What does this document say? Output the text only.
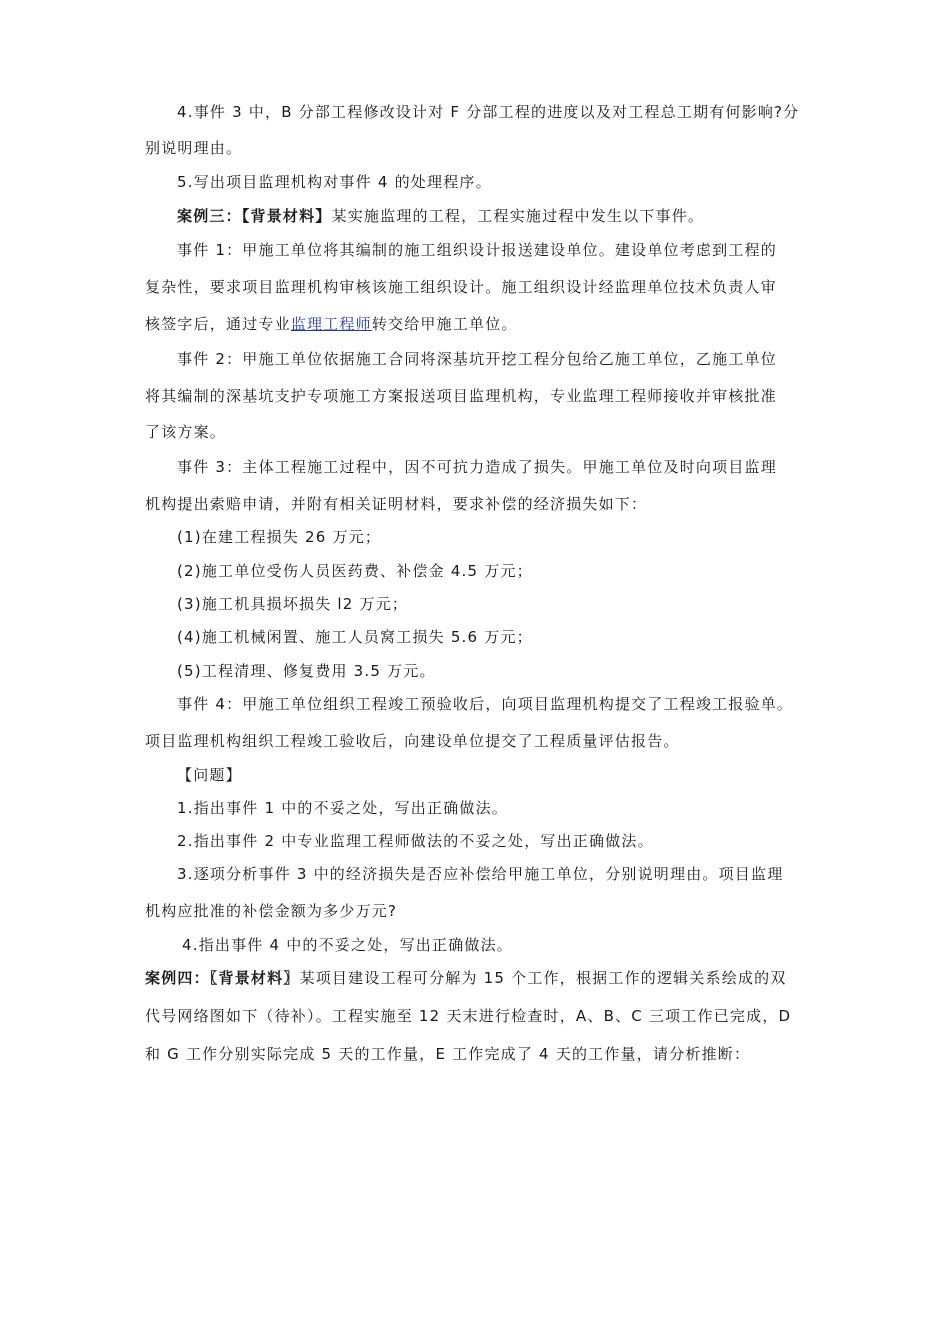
4.事件 3 中，B 分部工程修改设计对 F 分部工程的进度以及对工程总工期有何影响?分
别说明理由。
5.写出项目监理机构对事件 4 的处理程序。
案例三：【背景材料】某实施监理的工程，工程实施过程中发生以下事件。
事件 1：甲施工单位将其编制的施工组织设计报送建设单位。建设单位考虑到工程的
复杂性，要求项目监理机构审核该施工组织设计。施工组织设计经监理单位技术负责人审
核签字后，通过专业监理工程师转交给甲施工单位。
事件 2：甲施工单位依据施工合同将深基坑开挖工程分包给乙施工单位，乙施工单位
将其编制的深基坑支护专项施工方案报送项目监理机构，专业监理工程师接收并审核批准
了该方案。
事件 3：主体工程施工过程中，因不可抗力造成了损失。甲施工单位及时向项目监理
机构提出索赔申请，并附有相关证明材料，要求补偿的经济损失如下：
(1)在建工程损失 26 万元；
(2)施工单位受伤人员医药费、补偿金 4.5 万元；
(3)施工机具损坏损失 l2 万元；
(4)施工机械闲置、施工人员窝工损失 5.6 万元；
(5)工程清理、修复费用 3.5 万元。
事件 4：甲施工单位组织工程竣工预验收后，向项目监理机构提交了工程竣工报验单。
项目监理机构组织工程竣工验收后，向建设单位提交了工程质量评估报告。
【问题】
1.指出事件 1 中的不妥之处，写出正确做法。
2.指出事件 2 中专业监理工程师做法的不妥之处，写出正确做法。
3.逐项分析事件 3 中的经济损失是否应补偿给甲施工单位，分别说明理由。项目监理
机构应批准的补偿金额为多少万元?
4.指出事件 4 中的不妥之处，写出正确做法。
案例四：〖背景材料〗某项目建设工程可分解为 15 个工作，根据工作的逻辑关系绘成的双
代号网络图如下（待补）。工程实施至 12 天末进行检查时，A、B、C 三项工作已完成，D
和 G 工作分别实际完成 5 天的工作量，E 工作完成了 4 天的工作量，请分析推断：
